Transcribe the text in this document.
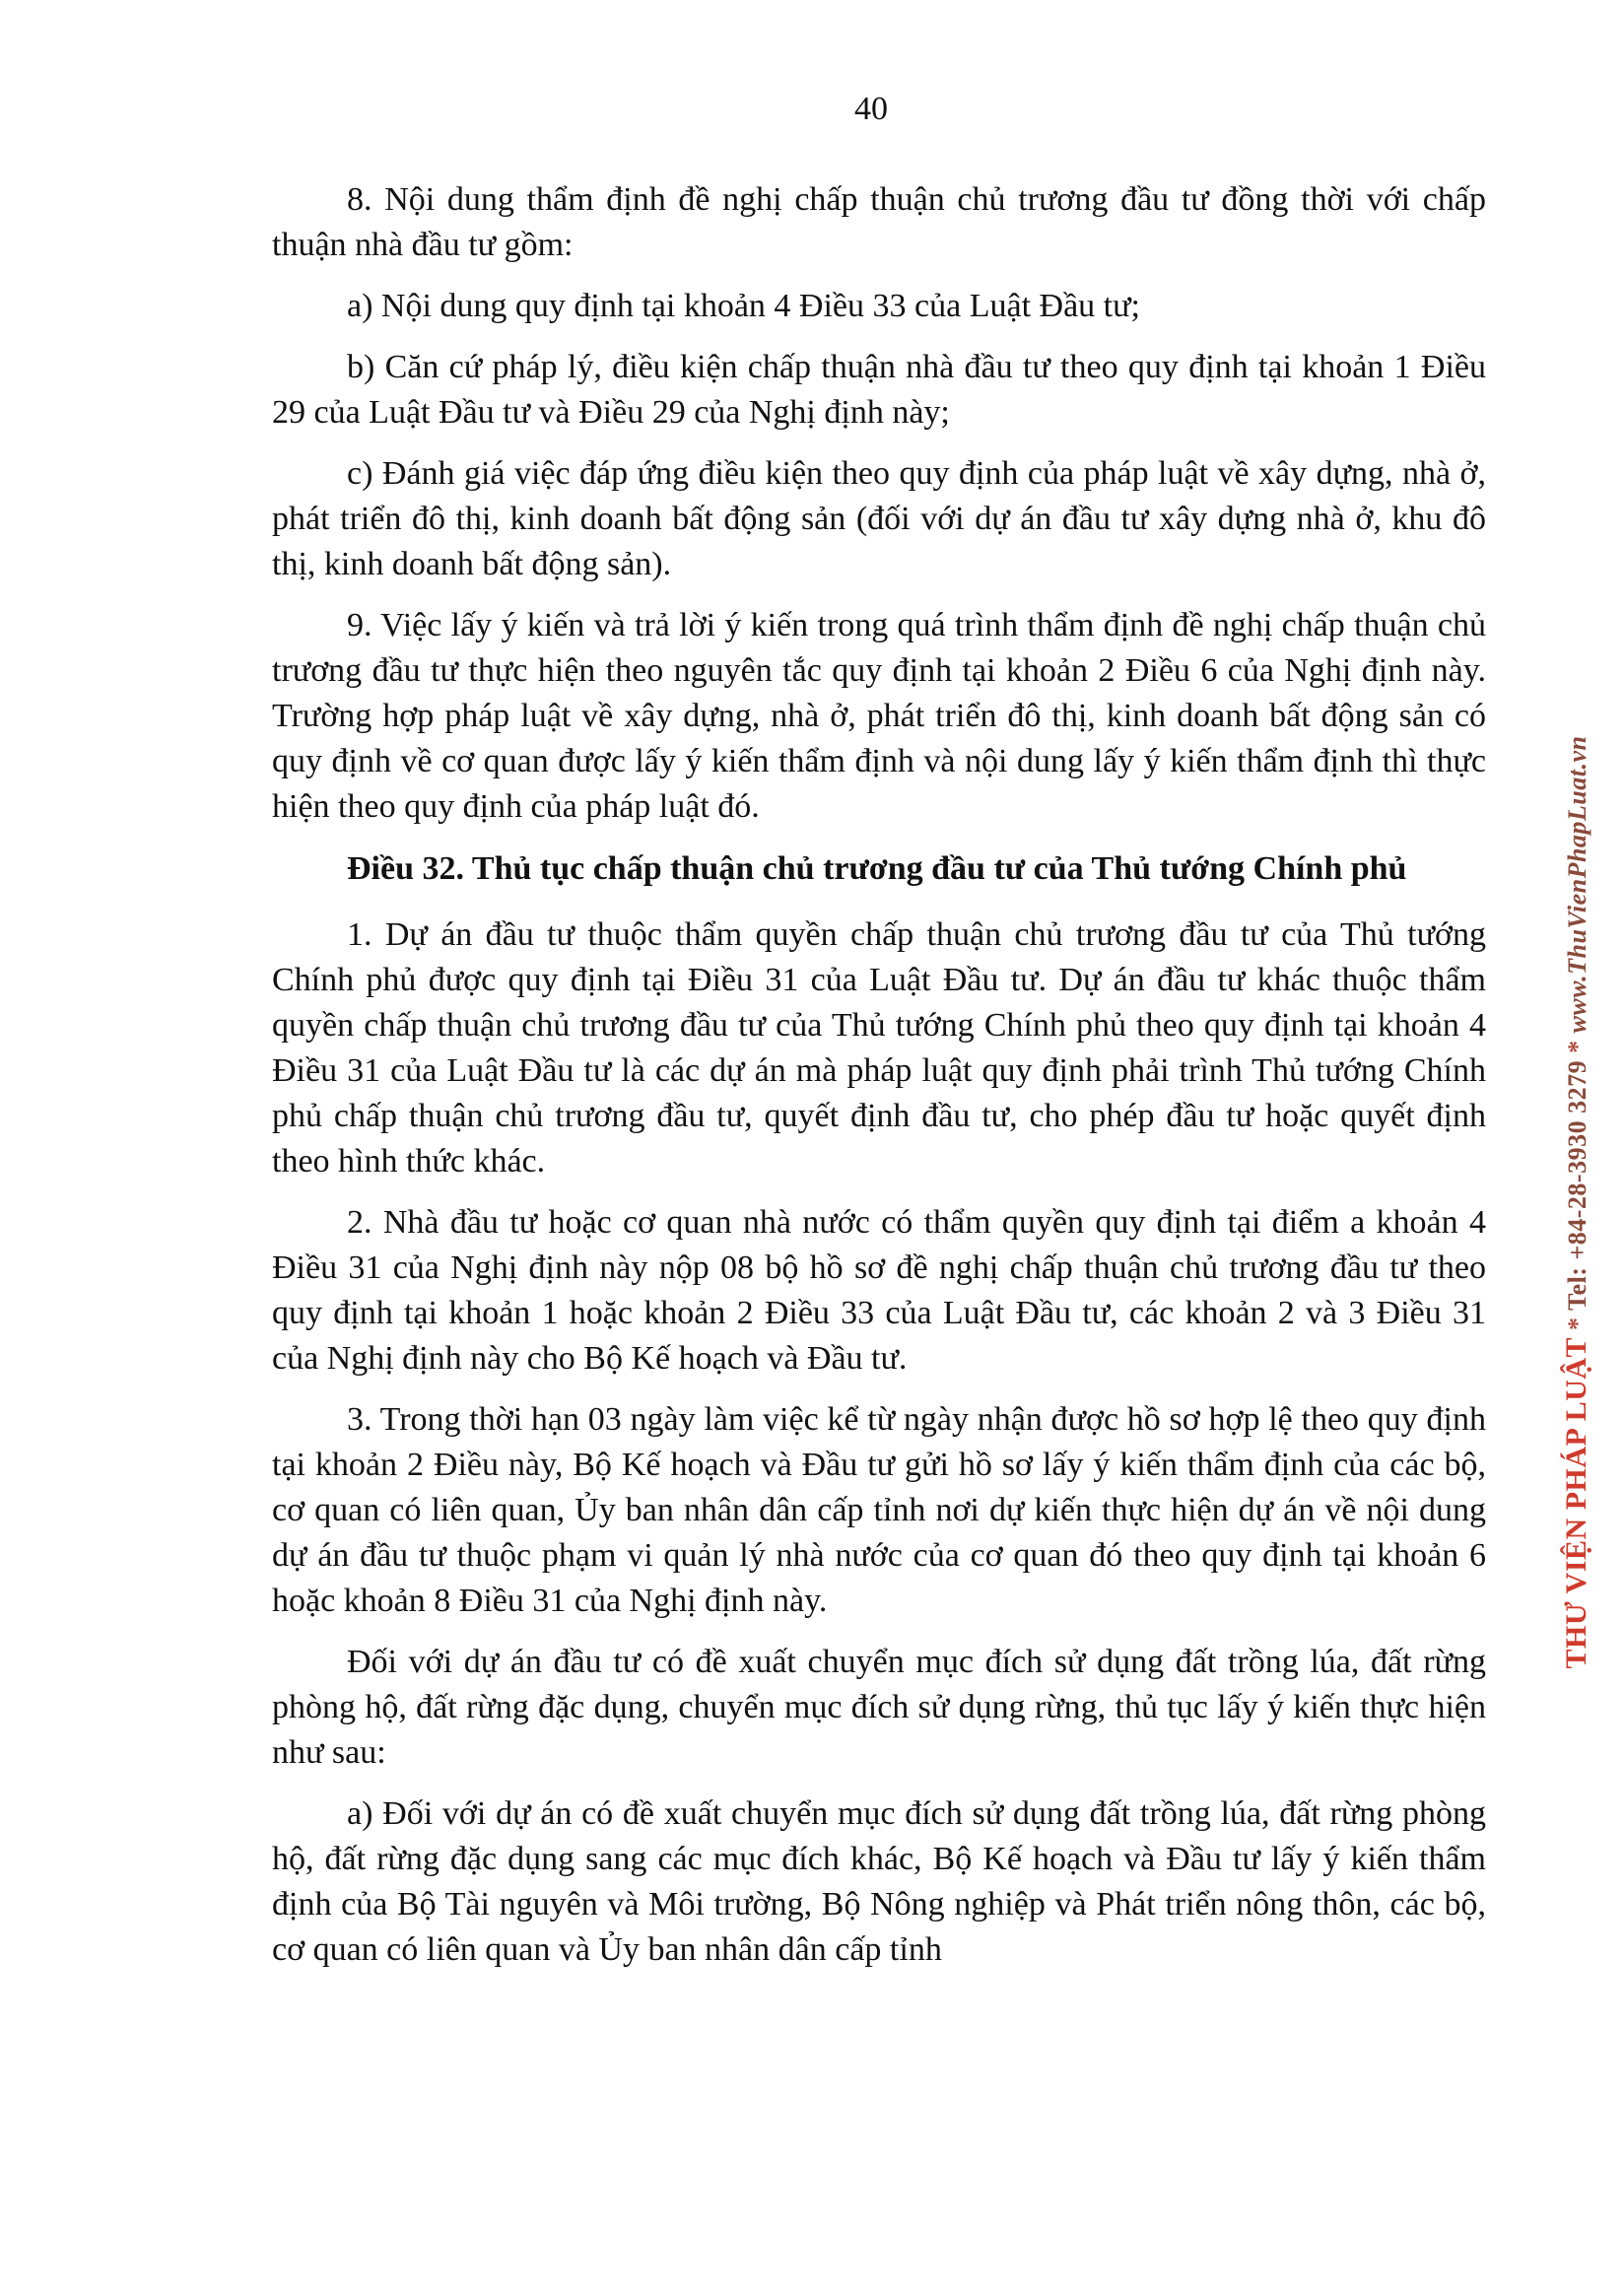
40

8. Nội dung thẩm định đề nghị chấp thuận chủ trương đầu tư đồng thời với chấp thuận nhà đầu tư gồm:

a) Nội dung quy định tại khoản 4 Điều 33 của Luật Đầu tư;

b) Căn cứ pháp lý, điều kiện chấp thuận nhà đầu tư theo quy định tại khoản 1 Điều 29 của Luật Đầu tư và Điều 29 của Nghị định này;

c) Đánh giá việc đáp ứng điều kiện theo quy định của pháp luật về xây dựng, nhà ở, phát triển đô thị, kinh doanh bất động sản (đối với dự án đầu tư xây dựng nhà ở, khu đô thị, kinh doanh bất động sản).

9. Việc lấy ý kiến và trả lời ý kiến trong quá trình thẩm định đề nghị chấp thuận chủ trương đầu tư thực hiện theo nguyên tắc quy định tại khoản 2 Điều 6 của Nghị định này. Trường hợp pháp luật về xây dựng, nhà ở, phát triển đô thị, kinh doanh bất động sản có quy định về cơ quan được lấy ý kiến thẩm định và nội dung lấy ý kiến thẩm định thì thực hiện theo quy định của pháp luật đó.

Điều 32. Thủ tục chấp thuận chủ trương đầu tư của Thủ tướng Chính phủ

1. Dự án đầu tư thuộc thẩm quyền chấp thuận chủ trương đầu tư của Thủ tướng Chính phủ được quy định tại Điều 31 của Luật Đầu tư. Dự án đầu tư khác thuộc thẩm quyền chấp thuận chủ trương đầu tư của Thủ tướng Chính phủ theo quy định tại khoản 4 Điều 31 của Luật Đầu tư là các dự án mà pháp luật quy định phải trình Thủ tướng Chính phủ chấp thuận chủ trương đầu tư, quyết định đầu tư, cho phép đầu tư hoặc quyết định theo hình thức khác.

2. Nhà đầu tư hoặc cơ quan nhà nước có thẩm quyền quy định tại điểm a khoản 4 Điều 31 của Nghị định này nộp 08 bộ hồ sơ đề nghị chấp thuận chủ trương đầu tư theo quy định tại khoản 1 hoặc khoản 2 Điều 33 của Luật Đầu tư, các khoản 2 và 3 Điều 31 của Nghị định này cho Bộ Kế hoạch và Đầu tư.

3. Trong thời hạn 03 ngày làm việc kể từ ngày nhận được hồ sơ hợp lệ theo quy định tại khoản 2 Điều này, Bộ Kế hoạch và Đầu tư gửi hồ sơ lấy ý kiến thẩm định của các bộ, cơ quan có liên quan, Ủy ban nhân dân cấp tỉnh nơi dự kiến thực hiện dự án về nội dung dự án đầu tư thuộc phạm vi quản lý nhà nước của cơ quan đó theo quy định tại khoản 6 hoặc khoản 8 Điều 31 của Nghị định này.

Đối với dự án đầu tư có đề xuất chuyển mục đích sử dụng đất trồng lúa, đất rừng phòng hộ, đất rừng đặc dụng, chuyển mục đích sử dụng rừng, thủ tục lấy ý kiến thực hiện như sau:

a) Đối với dự án có đề xuất chuyển mục đích sử dụng đất trồng lúa, đất rừng phòng hộ, đất rừng đặc dụng sang các mục đích khác, Bộ Kế hoạch và Đầu tư lấy ý kiến thẩm định của Bộ Tài nguyên và Môi trường, Bộ Nông nghiệp và Phát triển nông thôn, các bộ, cơ quan có liên quan và Ủy ban nhân dân cấp tỉnh

THƯ VIỆN PHÁP LUẬT * Tel: +84-28-3930 3279 * www.ThuVienPhapLuat.vn
